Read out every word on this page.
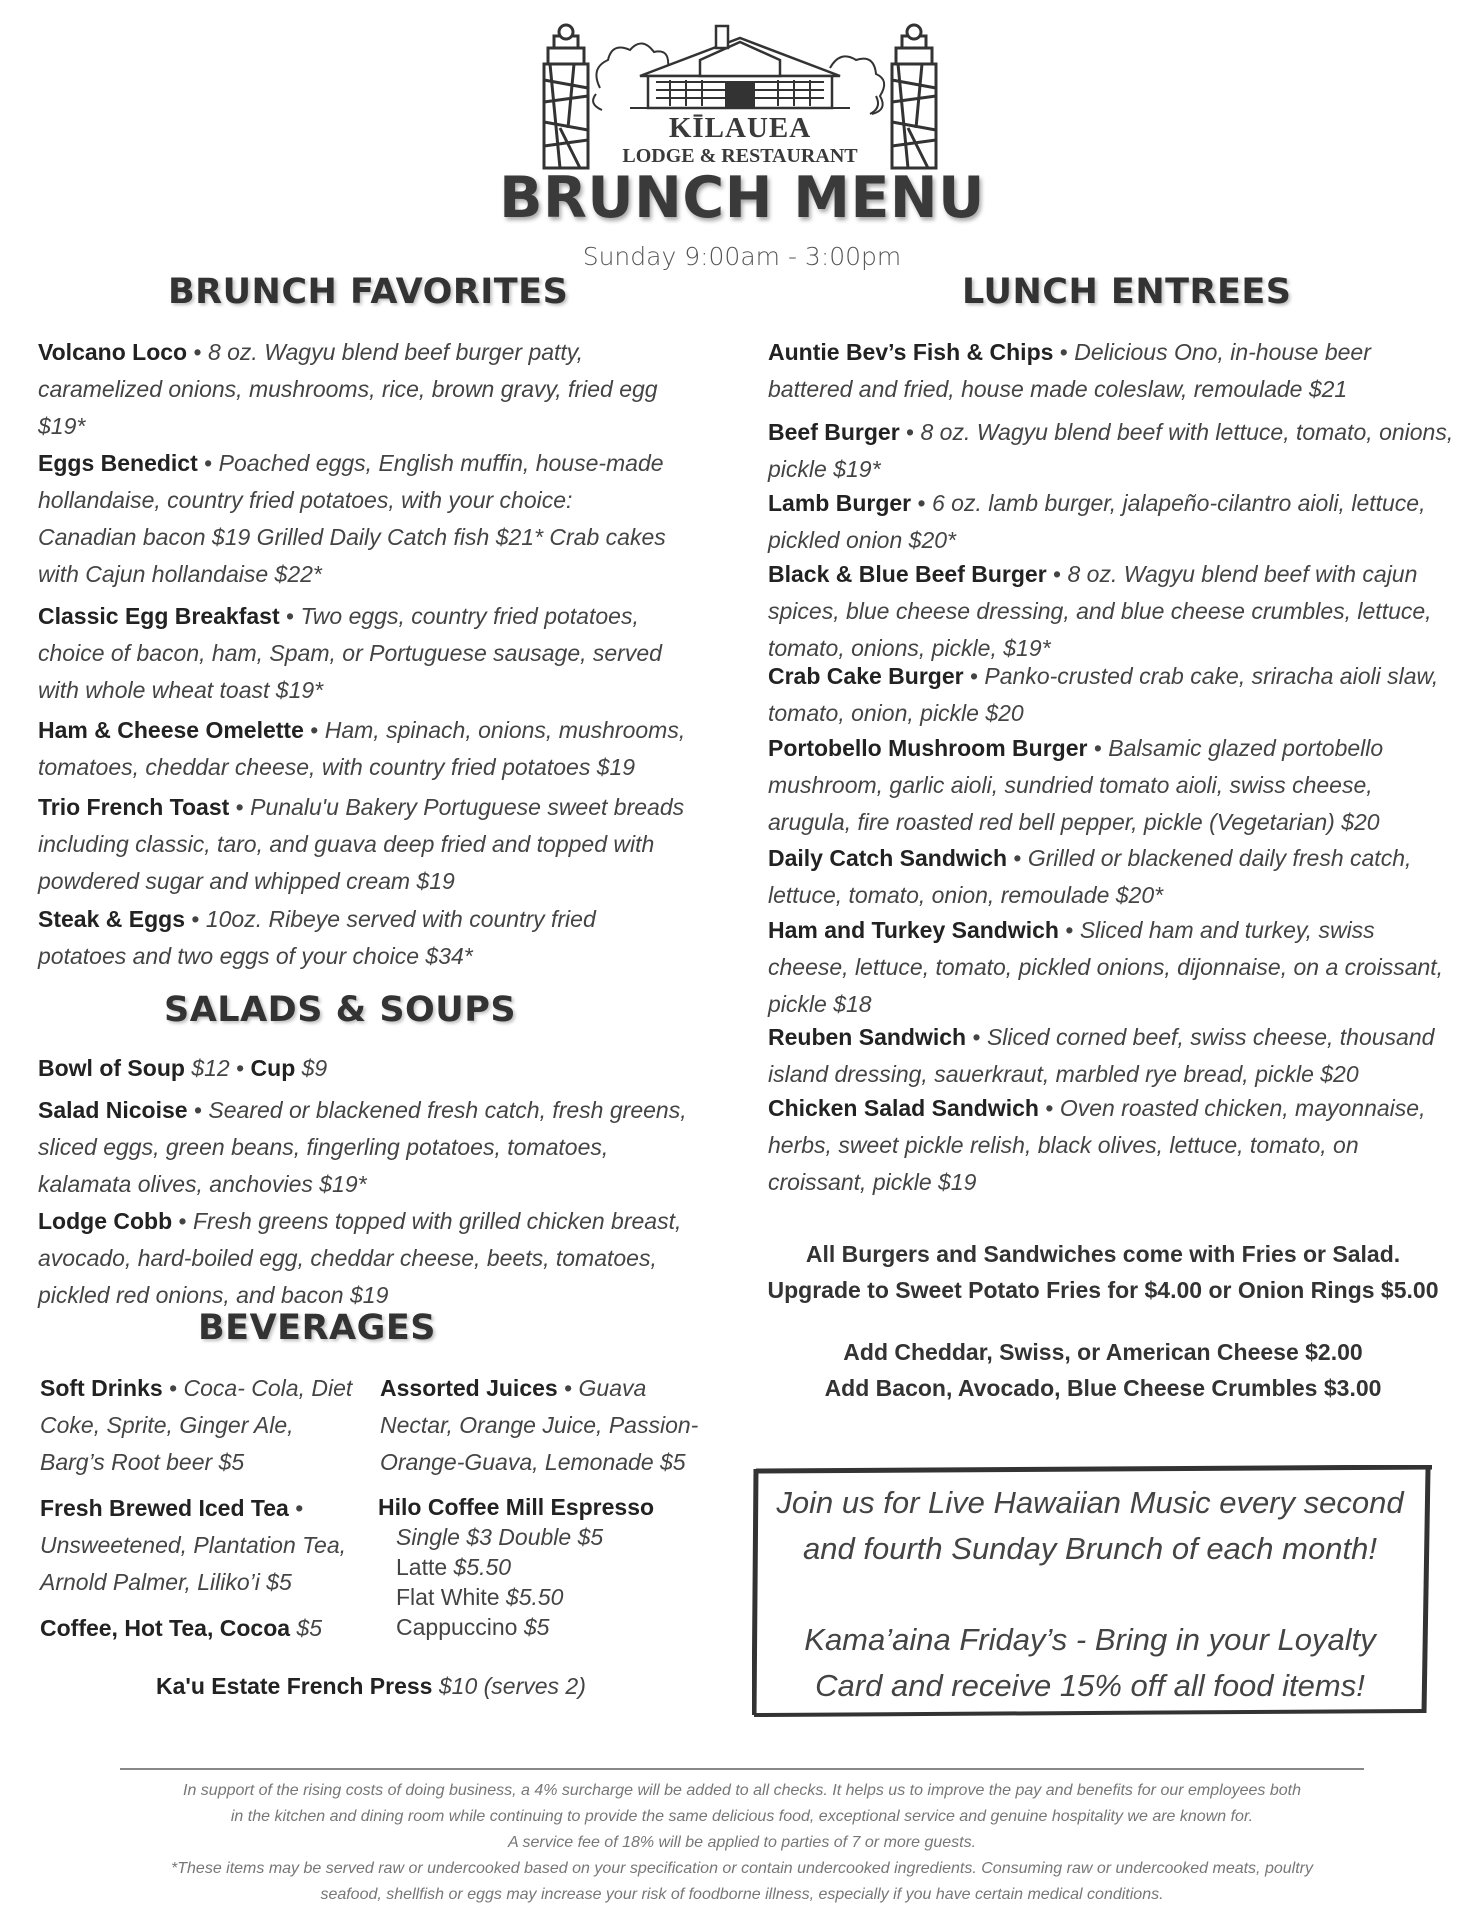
KĪLAUEA
LODGE & RESTAURANT
BRUNCH MENU
Sunday 9:00am - 3:00pm
BRUNCH FAVORITES
Volcano Loco • 8 oz. Wagyu blend beef burger patty, caramelized onions, mushrooms, rice, brown gravy, fried egg $19*
Eggs Benedict • Poached eggs, English muffin, house-made hollandaise, country fried potatoes, with your choice:
Canadian bacon $19 Grilled Daily Catch fish $21* Crab cakes with Cajun hollandaise $22*
Classic Egg Breakfast • Two eggs, country fried potatoes, choice of bacon, ham, Spam, or Portuguese sausage, served with whole wheat toast $19*
Ham & Cheese Omelette • Ham, spinach, onions, mushrooms, tomatoes, cheddar cheese, with country fried potatoes $19
Trio French Toast • Punalu'u Bakery Portuguese sweet breads including classic, taro, and guava deep fried and topped with powdered sugar and whipped cream $19
Steak & Eggs • 10oz. Ribeye served with country fried potatoes and two eggs of your choice $34*
SALADS & SOUPS
Bowl of Soup $12 • Cup $9
Salad Nicoise • Seared or blackened fresh catch, fresh greens, sliced eggs, green beans, fingerling potatoes, tomatoes, kalamata olives, anchovies $19*
Lodge Cobb • Fresh greens topped with grilled chicken breast, avocado, hard-boiled egg, cheddar cheese, beets, tomatoes, pickled red onions, and bacon $19
BEVERAGES
Soft Drinks • Coca- Cola, Diet Coke, Sprite, Ginger Ale, Barg’s Root beer $5
Assorted Juices • Guava Nectar, Orange Juice, Passion-Orange-Guava, Lemonade $5
Fresh Brewed Iced Tea • Unsweetened, Plantation Tea, Arnold Palmer, Liliko’i $5
Hilo Coffee Mill Espresso
Single $3 Double $5
Latte $5.50
Flat White $5.50
Cappuccino $5
Coffee, Hot Tea, Cocoa $5
Ka'u Estate French Press $10 (serves 2)
LUNCH ENTREES
Auntie Bev’s Fish & Chips • Delicious Ono, in-house beer battered and fried, house made coleslaw, remoulade $21
Beef Burger • 8 oz. Wagyu blend beef with lettuce, tomato, onions, pickle $19*
Lamb Burger • 6 oz. lamb burger, jalapeño-cilantro aioli, lettuce, pickled onion $20*
Black & Blue Beef Burger • 8 oz. Wagyu blend beef with cajun spices, blue cheese dressing, and blue cheese crumbles, lettuce, tomato, onions, pickle, $19*
Crab Cake Burger • Panko-crusted crab cake, sriracha aioli slaw, tomato, onion, pickle $20
Portobello Mushroom Burger • Balsamic glazed portobello mushroom, garlic aioli, sundried tomato aioli, swiss cheese, arugula, fire roasted red bell pepper, pickle (Vegetarian) $20
Daily Catch Sandwich • Grilled or blackened daily fresh catch, lettuce, tomato, onion, remoulade $20*
Ham and Turkey Sandwich • Sliced ham and turkey, swiss cheese, lettuce, tomato, pickled onions, dijonnaise, on a croissant, pickle $18
Reuben Sandwich • Sliced corned beef, swiss cheese, thousand island dressing, sauerkraut, marbled rye bread, pickle $20
Chicken Salad Sandwich • Oven roasted chicken, mayonnaise, herbs, sweet pickle relish, black olives, lettuce, tomato, on croissant, pickle $19
All Burgers and Sandwiches come with Fries or Salad.
Upgrade to Sweet Potato Fries for $4.00 or Onion Rings $5.00
Add Cheddar, Swiss, or American Cheese $2.00
Add Bacon, Avocado, Blue Cheese Crumbles $3.00
Join us for Live Hawaiian Music every second
and fourth Sunday Brunch of each month!
Kama’aina Friday’s - Bring in your Loyalty
Card and receive 15% off all food items!
In support of the rising costs of doing business, a 4% surcharge will be added to all checks. It helps us to improve the pay and benefits for our employees both
in the kitchen and dining room while continuing to provide the same delicious food, exceptional service and genuine hospitality we are known for.
A service fee of 18% will be applied to parties of 7 or more guests.
*These items may be served raw or undercooked based on your specification or contain undercooked ingredients. Consuming raw or undercooked meats, poultry
seafood, shellfish or eggs may increase your risk of foodborne illness, especially if you have certain medical conditions.
